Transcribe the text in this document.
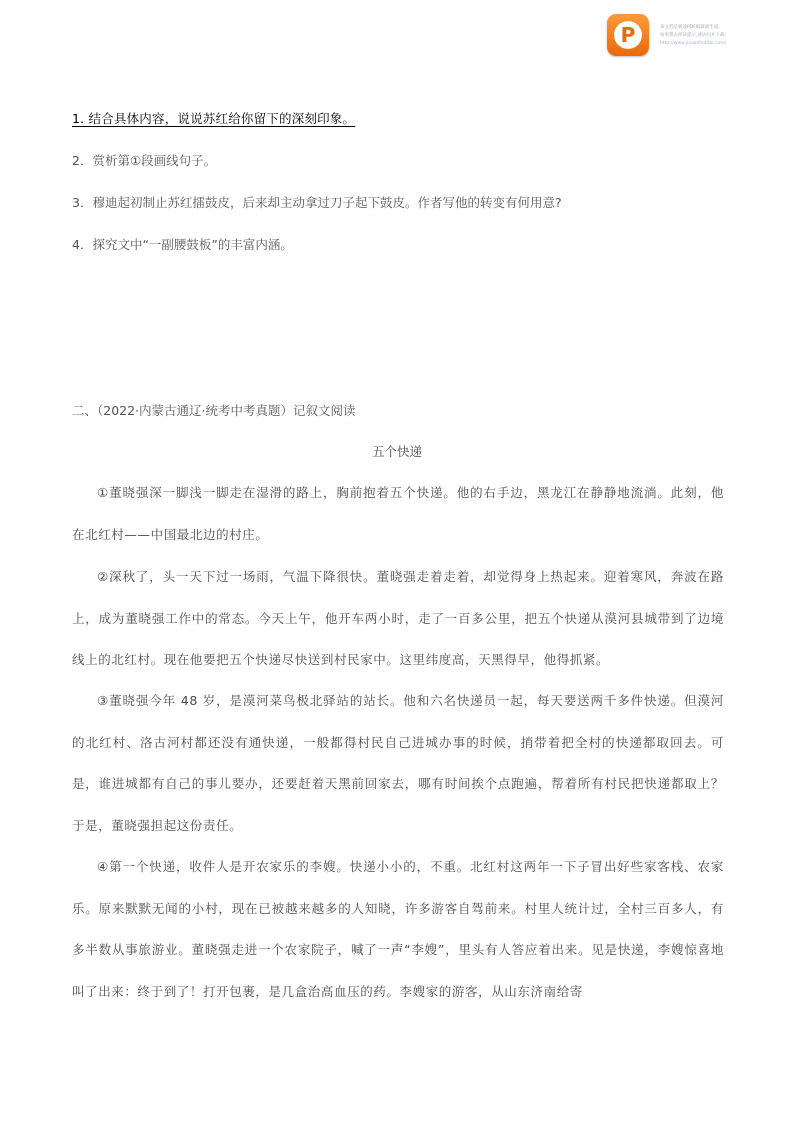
P	该文档是极速PDF编辑器生成,
如果想去掉该提示,请访问并下载:
http://www.jisupdfeditor.com/
1. 结合具体内容，说说苏红给你留下的深刻印象。
2．赏析第①段画线句子。
3．穆迪起初制止苏红擂鼓皮，后来却主动拿过刀子起下鼓皮。作者写他的转变有何用意?
4．探究文中“一副腰鼓板”的丰富内涵。
二、（2022·内蒙古通辽·统考中考真题）记叙文阅读
五个快递

①董晓强深一脚浅一脚走在湿滑的路上，胸前抱着五个快递。他的右手边，黑龙江在静静地流淌。此刻，他在北红村——中国最北边的村庄。

②深秋了，头一天下过一场雨，气温下降很快。董晓强走着走着，却觉得身上热起来。迎着寒风，奔波在路上，成为董晓强工作中的常态。今天上午，他开车两小时，走了一百多公里，把五个快递从漠河县城带到了边境线上的北红村。现在他要把五个快递尽快送到村民家中。这里纬度高，天黑得早，他得抓紧。

③董晓强今年 48 岁，是漠河菜鸟极北驿站的站长。他和六名快递员一起，每天要送两千多件快递。但漠河的北红村、洛古河村都还没有通快递，一般都得村民自己进城办事的时候，捎带着把全村的快递都取回去。可是，谁进城都有自己的事儿要办，还要赶着天黑前回家去，哪有时间挨个点跑遍，帮着所有村民把快递都取上？于是，董晓强担起这份责任。

④第一个快递，收件人是开农家乐的李嫂。快递小小的，不重。北红村这两年一下子冒出好些家客栈、农家乐。原来默默无闻的小村，现在已被越来越多的人知晓，许多游客自驾前来。村里人统计过，全村三百多人，有多半数从事旅游业。董晓强走进一个农家院子，喊了一声“李嫂”，里头有人答应着出来。见是快递，李嫂惊喜地叫了出来：终于到了！打开包裹，是几盒治高血压的药。李嫂家的游客，从山东济南给寄
